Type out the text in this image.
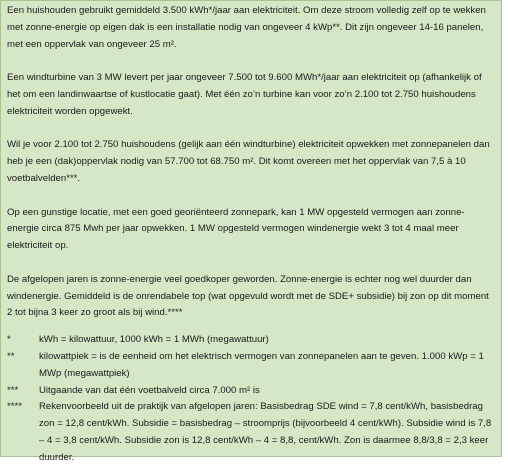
Een huishouden gebruikt gemiddeld 3.500 kWh*/jaar aan elektriciteit. Om deze stroom volledig zelf op te wekken met zonne-energie op eigen dak is een installatie nodig van ongeveer 4 kWp**. Dit zijn ongeveer 14-16 panelen, met een oppervlak van ongeveer 25 m².

Een windturbine van 3 MW levert per jaar ongeveer 7.500 tot 9.600 MWh*/jaar aan elektriciteit op (afhankelijk of het om een landinwaartse of kustlocatie gaat). Met één zo’n turbine kan voor zo’n 2.100 tot 2.750 huishoudens elektriciteit worden opgewekt.

Wil je voor 2.100 tot 2.750 huishoudens (gelijk aan één windturbine) elektriciteit opwekken met zonnepanelen dan heb je een (dak)oppervlak nodig van 57.700 tot 68.750 m². Dit komt overeen met het oppervlak van 7,5 à 10 voetbalvelden***.

Op een gunstige locatie, met een goed georiënteerd zonnepark, kan 1 MW opgesteld vermogen aan zonne-energie circa 875 Mwh per jaar opwekken. 1 MW opgesteld vermogen windenergie wekt 3 tot 4 maal meer elektriciteit op.

De afgelopen jaren is zonne-energie veel goedkoper geworden. Zonne-energie is echter nog wel duurder dan windenergie. Gemiddeld is de onrendabele top (wat opgevuld wordt met de SDE+ subsidie) bij zon op dit moment 2 tot bijna 3 keer zo groot als bij wind.****

*	kWh = kilowattuur, 1000 kWh = 1 MWh (megawattuur)
**	kilowattpiek = is de eenheid om het elektrisch vermogen van zonnepanelen aan te geven. 1.000 kWp = 1 MWp (megawattpiek)
***	Uitgaande van dat één voetbalveld circa 7.000 m² is
****	Rekenvoorbeeld uit de praktijk van afgelopen jaren: Basisbedrag SDE wind = 7,8 cent/kWh, basisbedrag zon = 12,8 cent/kWh. Subsidie = basisbedrag – stroomprijs (bijvoorbeeld 4 cent/kWh). Subsidie wind is 7,8 – 4 = 3,8 cent/kWh. Subsidie zon is 12,8 cent/kWh – 4 = 8,8, cent/kWh. Zon is daarmee 8,8/3,8 = 2,3 keer duurder.
